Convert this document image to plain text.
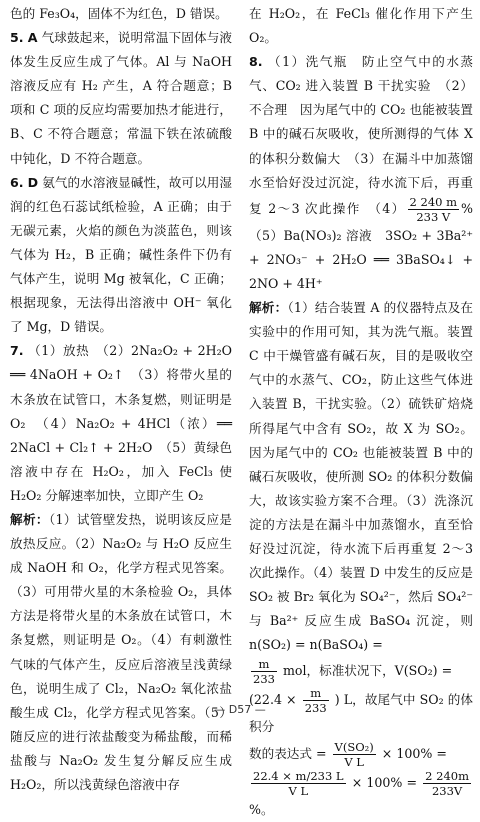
色的 Fe₃O₄，固体不为红色，D 错误。

5. A 气球鼓起来，说明常温下固体与液体发生反应生成了气体。Al 与 NaOH 溶液反应有 H₂ 产生，A 符合题意；B 项和 C 项的反应均需要加热才能进行，B、C 不符合题意；常温下铁在浓硫酸中钝化，D 不符合题意。

6. D 氨气的水溶液显碱性，故可以用湿润的红色石蕊试纸检验，A 正确；由于无碳元素，火焰的颜色为淡蓝色，则该气体为 H₂，B 正确；碱性条件下仍有气体产生，说明 Mg 被氧化，C 正确；根据现象，无法得出溶液中 OH⁻ 氧化了 Mg，D 错误。

7. （1）放热　（2）2Na₂O₂ + 2H₂O ══ 4NaOH + O₂↑　（3）将带火星的木条放在试管口，木条复燃，则证明是 O₂　（4）Na₂O₂ + 4HCl（浓）══ 2NaCl + Cl₂↑ + 2H₂O　（5）黄绿色溶液中存在 H₂O₂，加入 FeCl₃ 使 H₂O₂ 分解速率加快，立即产生 O₂

解析：（1）试管壁发热，说明该反应是放热反应。（2）Na₂O₂ 与 H₂O 反应生成 NaOH 和 O₂，化学方程式见答案。（3）可用带火星的木条检验 O₂，具体方法是将带火星的木条放在试管口，木条复燃，则证明是 O₂。（4）有刺激性气味的气体产生，反应后溶液呈浅黄绿色，说明生成了 Cl₂，Na₂O₂ 氧化浓盐酸生成 Cl₂，化学方程式见答案。（5）随反应的进行浓盐酸变为稀盐酸，而稀盐酸与 Na₂O₂ 发生复分解反应生成 H₂O₂，所以浅黄绿色溶液中存

在 H₂O₂，在 FeCl₃ 催化作用下产生 O₂。

8. （1）洗气瓶　防止空气中的水蒸气、CO₂ 进入装置 B 干扰实验　（2）不合理　因为尾气中的 CO₂ 也能被装置 B 中的碱石灰吸收，使所测得的气体 X 的体积分数偏大　（3）在漏斗中加蒸馏水至恰好没过沉淀，待水流下后，再重复 2～3 次此操作　$(4) \frac{2 240 m}{233 V}$ % （5）Ba(NO₃)₂ 溶液　3SO₂ + 3Ba²⁺ + 2NO₃⁻ + 2H₂O ══ 3BaSO₄↓ + 2NO + 4H⁺

解析：（1）结合装置 A 的仪器特点及在实验中的作用可知，其为洗气瓶。装置 C 中干燥管盛有碱石灰，目的是吸收空气中的水蒸气、CO₂，防止这些气体进入装置 B，干扰实验。（2）硫铁矿焙烧所得尾气中含有 SO₂，故 X 为 SO₂。因为尾气中的 CO₂ 也能被装置 B 中的碱石灰吸收，使所测 SO₂ 的体积分数偏大，故该实验方案不合理。（3）洗涤沉淀的方法是在漏斗中加蒸馏水，直至恰好没过沉淀，待水流下后再重复 2～3 次此操作。（4）装置 D 中发生的反应是 SO₂ 被 Br₂ 氧化为 SO₄²⁻，然后 SO₄²⁻ 与 Ba²⁺ 反应生成 BaSO₄ 沉淀，则 n(SO₂) = n(BaSO₄) =

$\frac{m}{233}$ mol，标准状况下，V(SO₂) =

($22.4 \times \frac{m}{233}$ ) L，故尾气中 SO₂ 的体积分

数的表达式 = $\frac{\text{V(SO₂)}}{\text{V L}} \times 100\%$ =

$\frac{22.4 \times m/233 L}{\text{V L}} \times 100\% = \frac{2 240m}{233V}$
%。

— D57 —
